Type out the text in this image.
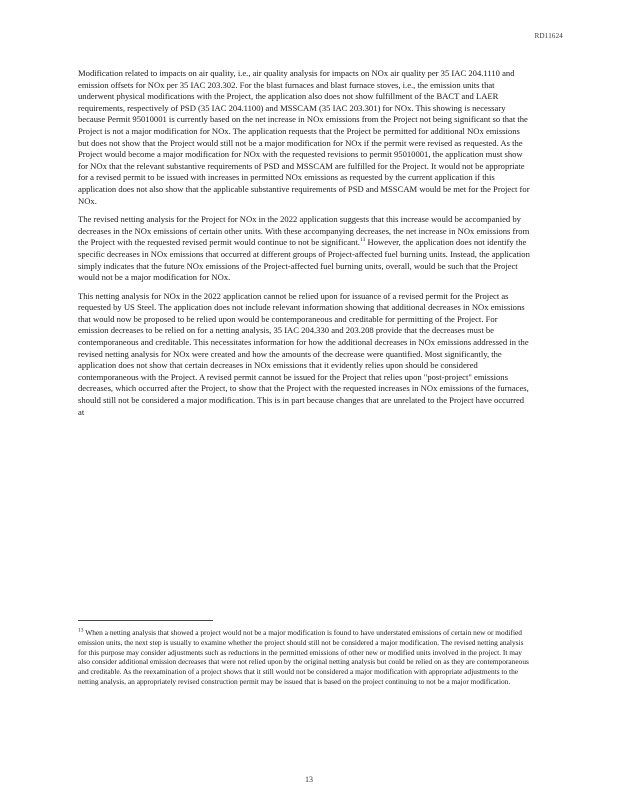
RD11624

Modification related to impacts on air quality, i.e., air quality analysis for impacts on NOx air quality per 35 IAC 204.1110 and emission offsets for NOx per 35 IAC 203.302. For the blast furnaces and blast furnace stoves, i.e., the emission units that underwent physical modifications with the Project, the application also does not show fulfillment of the BACT and LAER requirements, respectively of PSD (35 IAC 204.1100) and MSSCAM (35 IAC 203.301) for NOx. This showing is necessary because Permit 95010001 is currently based on the net increase in NOx emissions from the Project not being significant so that the Project is not a major modification for NOx. The application requests that the Project be permitted for additional NOx emissions but does not show that the Project would still not be a major modification for NOx if the permit were revised as requested. As the Project would become a major modification for NOx with the requested revisions to permit 95010001, the application must show for NOx that the relevant substantive requirements of PSD and MSSCAM are fulfilled for the Project. It would not be appropriate for a revised permit to be issued with increases in permitted NOx emissions as requested by the current application if this application does not also show that the applicable substantive requirements of PSD and MSSCAM would be met for the Project for NOx.

The revised netting analysis for the Project for NOx in the 2022 application suggests that this increase would be accompanied by decreases in the NOx emissions of certain other units. With these accompanying decreases, the net increase in NOx emissions from the Project with the requested revised permit would continue to not be significant.$^{13}$ However, the application does not identify the specific decreases in NOx emissions that occurred at different groups of Project-affected fuel burning units. Instead, the application simply indicates that the future NOx emissions of the Project-affected fuel burning units, overall, would be such that the Project would not be a major modification for NOx.

This netting analysis for NOx in the 2022 application cannot be relied upon for issuance of a revised permit for the Project as requested by US Steel. The application does not include relevant information showing that additional decreases in NOx emissions that would now be proposed to be relied upon would be contemporaneous and creditable for permitting of the Project. For emission decreases to be relied on for a netting analysis, 35 IAC 204.330 and 203.208 provide that the decreases must be contemporaneous and creditable. This necessitates information for how the additional decreases in NOx emissions addressed in the revised netting analysis for NOx were created and how the amounts of the decrease were quantified. Most significantly, the application does not show that certain decreases in NOx emissions that it evidently relies upon should be considered contemporaneous with the Project. A revised permit cannot be issued for the Project that relies upon "post-project" emissions decreases, which occurred after the Project, to show that the Project with the requested increases in NOx emissions of the furnaces, should still not be considered a major modification. This is in part because changes that are unrelated to the Project have occurred at

$^{13}$ When a netting analysis that showed a project would not be a major modification is found to have understated emissions of certain new or modified emission units, the next step is usually to examine whether the project should still not be considered a major modification. The revised netting analysis for this purpose may consider adjustments such as reductions in the permitted emissions of other new or modified units involved in the project. It may also consider additional emission decreases that were not relied upon by the original netting analysis but could be relied on as they are contemporaneous and creditable. As the reexamination of a project shows that it still would not be considered a major modification with appropriate adjustments to the netting analysis, an appropriately revised construction permit may be issued that is based on the project continuing to not be a major modification.

13
